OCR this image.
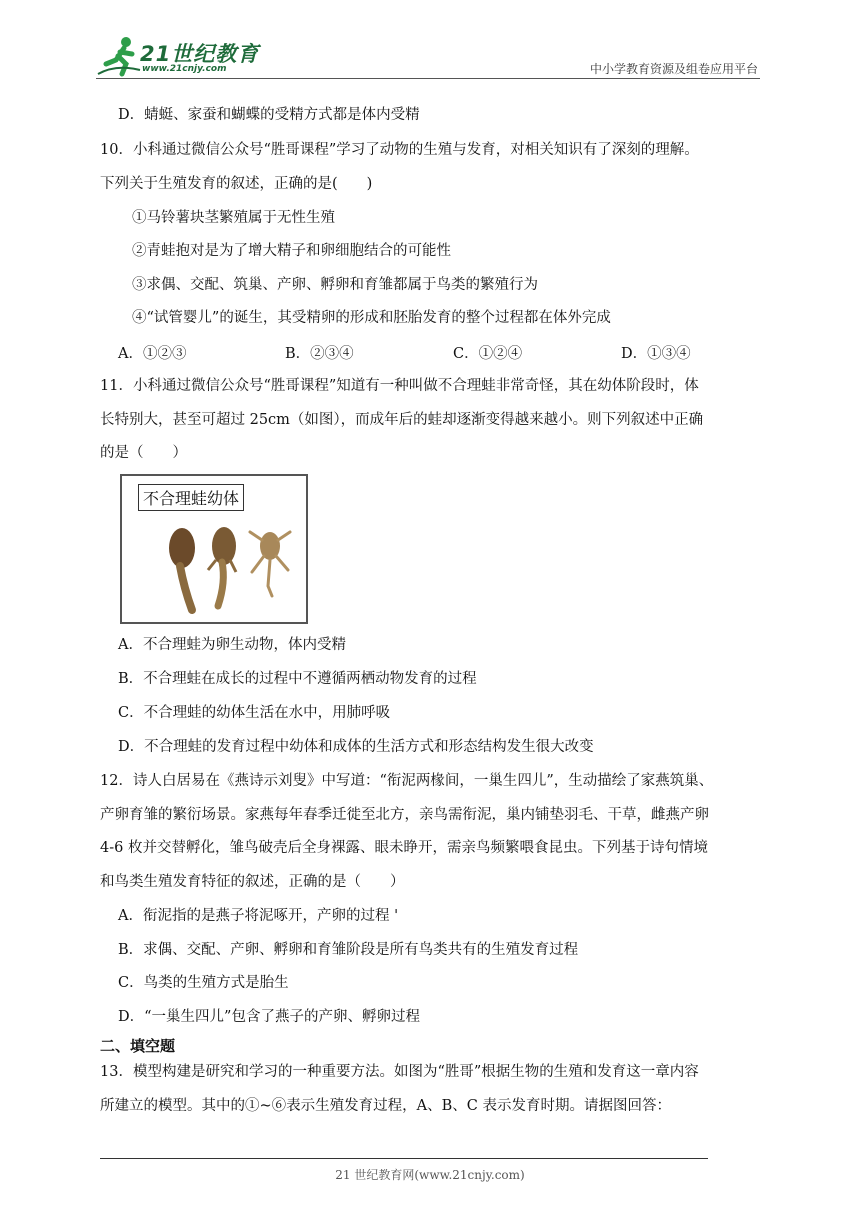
21世纪教育
www.21cnjy.com	中小学教育资源及组卷应用平台
D．蜻蜓、家蚕和蝴蝶的受精方式都是体内受精
10．小科通过微信公众号“胜哥课程”学习了动物的生殖与发育，对相关知识有了深刻的理解。
下列关于生殖发育的叙述，正确的是(　　)
①马铃薯块茎繁殖属于无性生殖
②青蛙抱对是为了增大精子和卵细胞结合的可能性
③求偶、交配、筑巢、产卵、孵卵和育雏都属于鸟类的繁殖行为
④“试管婴儿”的诞生，其受精卵的形成和胚胎发育的整个过程都在体外完成
A．①②③	B．②③④	C．①②④	D．①③④
11．小科通过微信公众号“胜哥课程”知道有一种叫做不合理蛙非常奇怪，其在幼体阶段时，体
长特别大，甚至可超过 25cm（如图），而成年后的蛙却逐渐变得越来越小。则下列叙述中正确
的是（　　）
不合理蛙幼体
A．不合理蛙为卵生动物，体内受精
B．不合理蛙在成长的过程中不遵循两栖动物发育的过程
C．不合理蛙的幼体生活在水中，用肺呼吸
D．不合理蛙的发育过程中幼体和成体的生活方式和形态结构发生很大改变
12．诗人白居易在《燕诗示刘叟》中写道：“衔泥两椽间，一巢生四儿”，生动描绘了家燕筑巢、
产卵育雏的繁衍场景。家燕每年春季迁徙至北方，亲鸟需衔泥，巢内铺垫羽毛、干草，雌燕产卵
4-6 枚并交替孵化，雏鸟破壳后全身裸露、眼未睁开，需亲鸟频繁喂食昆虫。下列基于诗句情境
和鸟类生殖发育特征的叙述，正确的是（　　）
A．衔泥指的是燕子将泥啄开，产卵的过程 '
B．求偶、交配、产卵、孵卵和育雏阶段是所有鸟类共有的生殖发育过程
C．鸟类的生殖方式是胎生
D．“一巢生四儿”包含了燕子的产卵、孵卵过程
二、填空题
13．模型构建是研究和学习的一种重要方法。如图为“胜哥”根据生物的生殖和发育这一章内容
所建立的模型。其中的①~⑥表示生殖发育过程，A、B、C 表示发育时期。请据图回答：
21 世纪教育网(www.21cnjy.com)
